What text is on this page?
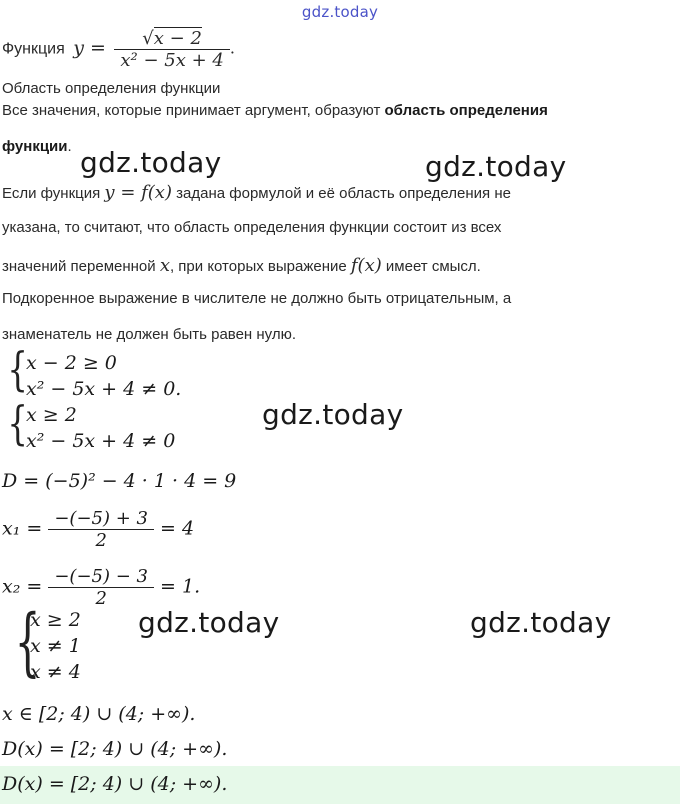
gdz.today
Функция $y = \frac{√x - 2}{\text{x² − 5x + 4}}$ .
Область определения функции
Все значения, которые принимает аргумент, образуют область определения
функции.
Если функция y = f(x) задана формулой и её область определения не
указана, то считают, что область определения функции состоит из всех
значений переменной x, при которых выражение f(x) имеет смысл.
Подкоренное выражение в числителе не должно быть отрицательным, а
знаменатель не должен быть равен нулю.
{
x − 2 ≥ 0
x² − 5x + 4 ≠ 0.
{
x ≥ 2
x² − 5x + 4 ≠ 0
D = (−5)² − 4 · 1 · 4 = 9
$x_1 = \frac{-(-5) + 3}{2} = 4$
$x_2 = \frac{-(-5) - 3}{2} = 1$.
{
x ≥ 2
x ≠ 1
x ≠ 4
x ∈ [2; 4) ∪ (4; +∞).
D(x) = [2; 4) ∪ (4; +∞).
D(x) = [2; 4) ∪ (4; +∞).
gdz.today	gdz.today
gdz.today
gdz.today	gdz.today
